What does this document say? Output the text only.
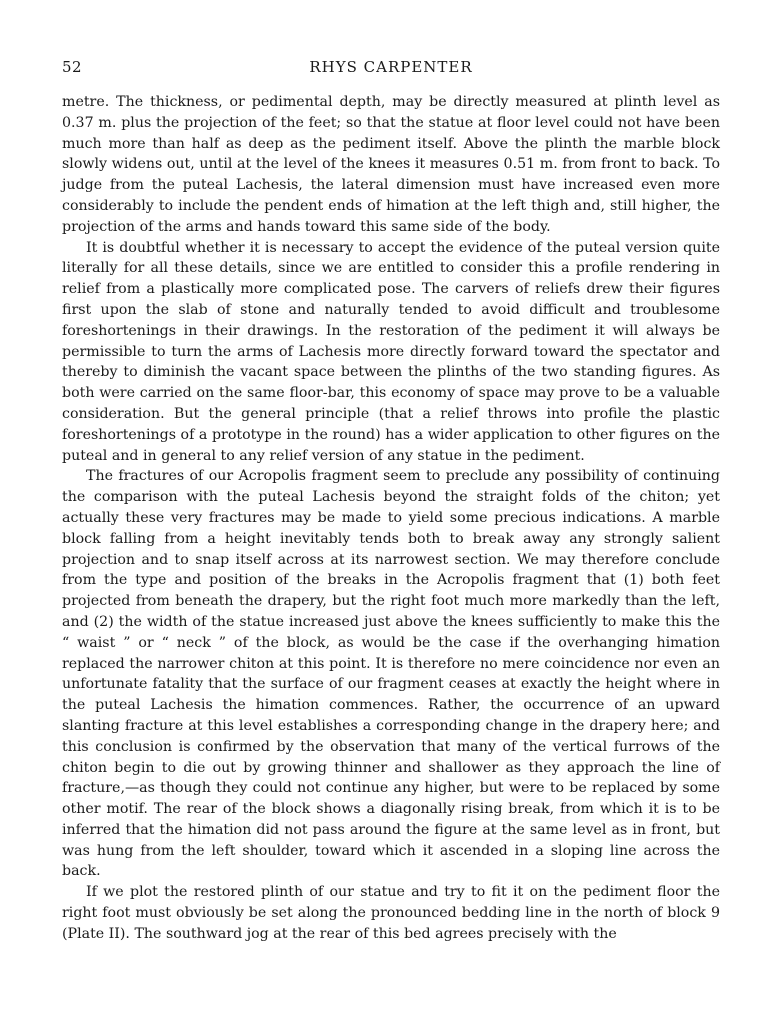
52	RHYS CARPENTER

metre. The thickness, or pedimental depth, may be directly measured at plinth level as 0.37 m. plus the projection of the feet; so that the statue at floor level could not have been much more than half as deep as the pediment itself. Above the plinth the marble block slowly widens out, until at the level of the knees it measures 0.51 m. from front to back. To judge from the puteal Lachesis, the lateral dimension must have increased even more considerably to include the pendent ends of himation at the left thigh and, still higher, the projection of the arms and hands toward this same side of the body.

It is doubtful whether it is necessary to accept the evidence of the puteal version quite literally for all these details, since we are entitled to consider this a profile rendering in relief from a plastically more complicated pose. The carvers of reliefs drew their figures first upon the slab of stone and naturally tended to avoid difficult and troublesome foreshortenings in their drawings. In the restoration of the pediment it will always be permissible to turn the arms of Lachesis more directly forward toward the spectator and thereby to diminish the vacant space between the plinths of the two standing figures. As both were carried on the same floor-bar, this economy of space may prove to be a valuable consideration. But the general principle (that a relief throws into profile the plastic foreshortenings of a prototype in the round) has a wider application to other figures on the puteal and in general to any relief version of any statue in the pediment.

The fractures of our Acropolis fragment seem to preclude any possibility of continuing the comparison with the puteal Lachesis beyond the straight folds of the chiton; yet actually these very fractures may be made to yield some precious indications. A marble block falling from a height inevitably tends both to break away any strongly salient projection and to snap itself across at its narrowest section. We may therefore conclude from the type and position of the breaks in the Acropolis fragment that (1) both feet projected from beneath the drapery, but the right foot much more markedly than the left, and (2) the width of the statue increased just above the knees sufficiently to make this the “ waist ” or “ neck ” of the block, as would be the case if the overhanging himation replaced the narrower chiton at this point. It is therefore no mere coincidence nor even an unfortunate fatality that the surface of our fragment ceases at exactly the height where in the puteal Lachesis the himation commences. Rather, the occurrence of an upward slanting fracture at this level establishes a corresponding change in the drapery here; and this conclusion is confirmed by the observation that many of the vertical furrows of the chiton begin to die out by growing thinner and shallower as they approach the line of fracture,—as though they could not continue any higher, but were to be replaced by some other motif. The rear of the block shows a diagonally rising break, from which it is to be inferred that the himation did not pass around the figure at the same level as in front, but was hung from the left shoulder, toward which it ascended in a sloping line across the back.

If we plot the restored plinth of our statue and try to fit it on the pediment floor the right foot must obviously be set along the pronounced bedding line in the north of block 9 (Plate II). The southward jog at the rear of this bed agrees precisely with the
